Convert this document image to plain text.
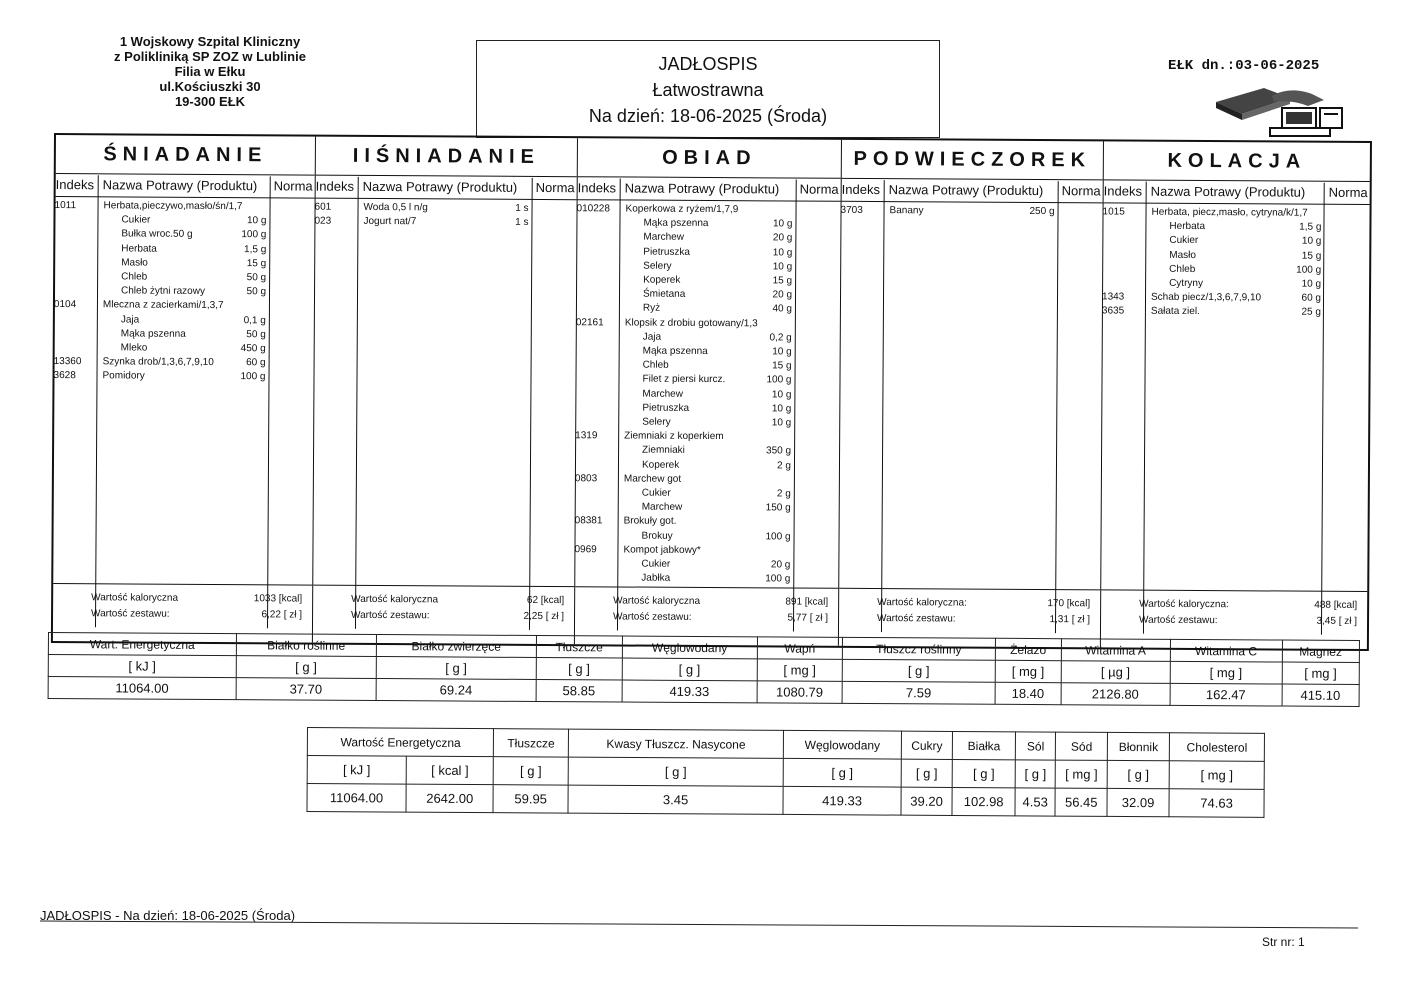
1 Wojskowy Szpital Kliniczny
z Polikliniką SP ZOZ w Lublinie
Filia w Ełku
ul.Kościuszki 30
19-300 EŁK
JADŁOSPIS
Łatwostrawna
Na dzień: 18-06-2025 (Środa)
EŁK dn.:03-06-2025
ŚNIADANIE
Indeks Nazwa Potrawy (Produktu) Norma
1011	Herbata,pieczywo,masło/śn/1,7
Cukier	10 g
Bułka wroc.50 g	100 g
Herbata	1,5 g
Masło	15 g
Chleb	50 g
Chleb żytni razowy	50 g
0104	Mleczna z zacierkami/1,3,7
Jaja	0,1 g
Mąka pszenna	50 g
Mleko	450 g
13360 Szynka drob/1,3,6,7,9,10	60 g
3628	Pomidory	100 g
Wartość kaloryczna	1033 [kcal]
Wartość zestawu:	6,22 [ zł ]
IIŚNIADANIE
Indeks Nazwa Potrawy (Produktu) Norma
601	Woda 0,5 l n/g	1 s
023	Jogurt nat/7	1 s
Wartość kaloryczna	62 [kcal]
Wartość zestawu:	2,25 [ zł ]
OBIAD
Indeks Nazwa Potrawy (Produktu) Norma
010228 Koperkowa z ryżem/1,7,9
Mąka pszenna	10 g
Marchew	20 g
Pietruszka	10 g
Selery	10 g
Koperek	15 g
Śmietana	20 g
Ryż	40 g
02161 Klopsik z drobiu gotowany/1,3
Jaja	0,2 g
Mąka pszenna	10 g
Chleb	15 g
Filet z piersi kurcz.	100 g
Marchew	10 g
Pietruszka	10 g
Selery	10 g
1319	Ziemniaki z koperkiem
Ziemniaki	350 g
Koperek	2 g
0803	Marchew got
Cukier	2 g
Marchew	150 g
08381 Brokuły got.
Brokuy	100 g
0969	Kompot jabkowy*
Cukier	20 g
Jabłka	100 g
Wartość kaloryczna	891 [kcal]
Wartość zestawu:	5,77 [ zł ]
PODWIECZOREK
Indeks Nazwa Potrawy (Produktu) Norma
3703	Banany	250 g
Wartość kaloryczna:	170 [kcal]
Wartość zestawu:	1,31 [ zł ]
KOLACJA
Indeks Nazwa Potrawy (Produktu) Norma
1015	Herbata, piecz,masło, cytryna/k/1,7
Herbata	1,5 g
Cukier	10 g
Masło	15 g
Chleb	100 g
Cytryny	10 g
1343	Schab piecz/1,3,6,7,9,10	60 g
3635	Sałata ziel.	25 g
Wartość kaloryczna:	488 [kcal]
Wartość zestawu:	3,45 [ zł ]
Wart. Energetyczna	Białko roślinne	Białko zwierzęce	Tłuszcze	Węglowodany	Wapń	Tłuszcz roślinny	Żelazo	Witamina A	Witamina C	Magnez
[ kJ ]	[ g ]	[ g ]	[ g ]	[ g ]	[ mg ]	[ g ]	[ mg ]	[ µg ]	[ mg ]	[ mg ]
11064.00	37.70	69.24	58.85	419.33	1080.79	7.59	18.40	2126.80	162.47	415.10
Wartość Energetyczna		Tłuszcze	Kwasy Tłuszcz. Nasycone	Węglowodany	Cukry	Białka	Sól	Sód	Błonnik	Cholesterol
[ kJ ]	[ kcal ]	[ g ]	[ g ]	[ g ]	[ g ]	[ g ]	[ g ]	[ mg ]	[ g ]	[ mg ]
11064.00	2642.00	59.95	3.45	419.33	39.20	102.98	4.53	56.45	32.09	74.63
JADŁOSPIS - Na dzień: 18-06-2025 (Środa)
Str nr: 1
